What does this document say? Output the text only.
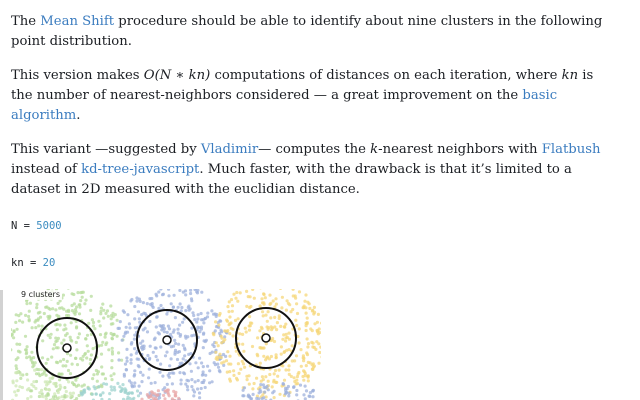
The Mean Shift procedure should be able to identify about nine clusters in the following point distribution.

This version makes O(N ∗ kn) computations of distances on each iteration, where kn is the number of nearest-neighbors considered — a great improvement on the basic algorithm.

This variant —suggested by Vladimir— computes the k-nearest neighbors with Flatbush instead of kd-tree-javascript. Much faster, with the drawback is that it’s limited to a dataset in 2D measured with the euclidian distance.

N = 5000
kn = 20
9 clusters
